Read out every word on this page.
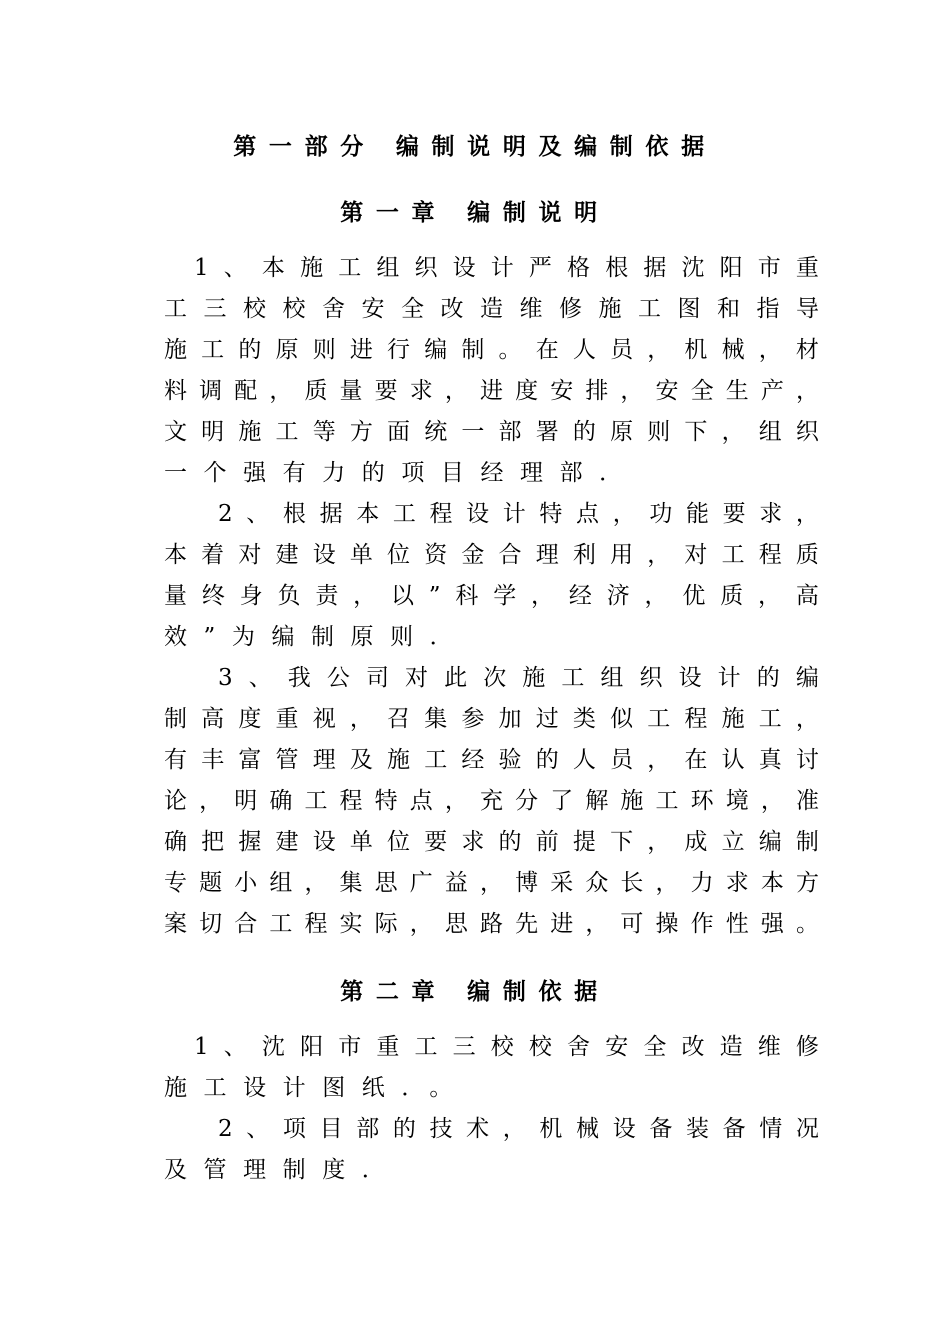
第一部分 编制说明及编制依据
第一章 编制说明
1 、 本 施 工 组 织 设 计 严 格 根 据 沈 阳 市 重
工 三 校 校 舍 安 全 改 造 维 修 施 工 图 和 指 导
施 工 的 原 则 进 行 编 制 。 在 人 员 ， 机 械 ， 材
料 调 配 ， 质 量 要 求 ， 进 度 安 排 ， 安 全 生 产 ，
文 明 施 工 等 方 面 统 一 部 署 的 原 则 下 ， 组 织
一个强有力的项目经理部．
2 、 根 据 本 工 程 设 计 特 点 ， 功 能 要 求 ，
本 着 对 建 设 单 位 资 金 合 理 利 用 ， 对 工 程 质
量 终 身 负 责 ， 以 ” 科 学 ， 经 济 ， 优 质 ， 高
效”为编制原则．
3 、 我 公 司 对 此 次 施 工 组 织 设 计 的 编
制 高 度 重 视 ， 召 集 参 加 过 类 似 工 程 施 工 ，
有 丰 富 管 理 及 施 工 经 验 的 人 员 ， 在 认 真 讨
论 ， 明 确 工 程 特 点 ， 充 分 了 解 施 工 环 境 ， 准
确 把 握 建 设 单 位 要 求 的 前 提 下 ， 成 立 编 制
专 题 小 组 ， 集 思 广 益 ， 博 采 众 长 ， 力 求 本 方
案 切 合 工 程 实 际 ， 思 路 先 进 ， 可 操 作 性 强 。
第二章 编制依据
1 、 沈 阳 市 重 工 三 校 校 舍 安 全 改 造 维 修
施工设计图纸．。
2 、 项 目 部 的 技 术 ， 机 械 设 备 装 备 情 况
及管理制度．
